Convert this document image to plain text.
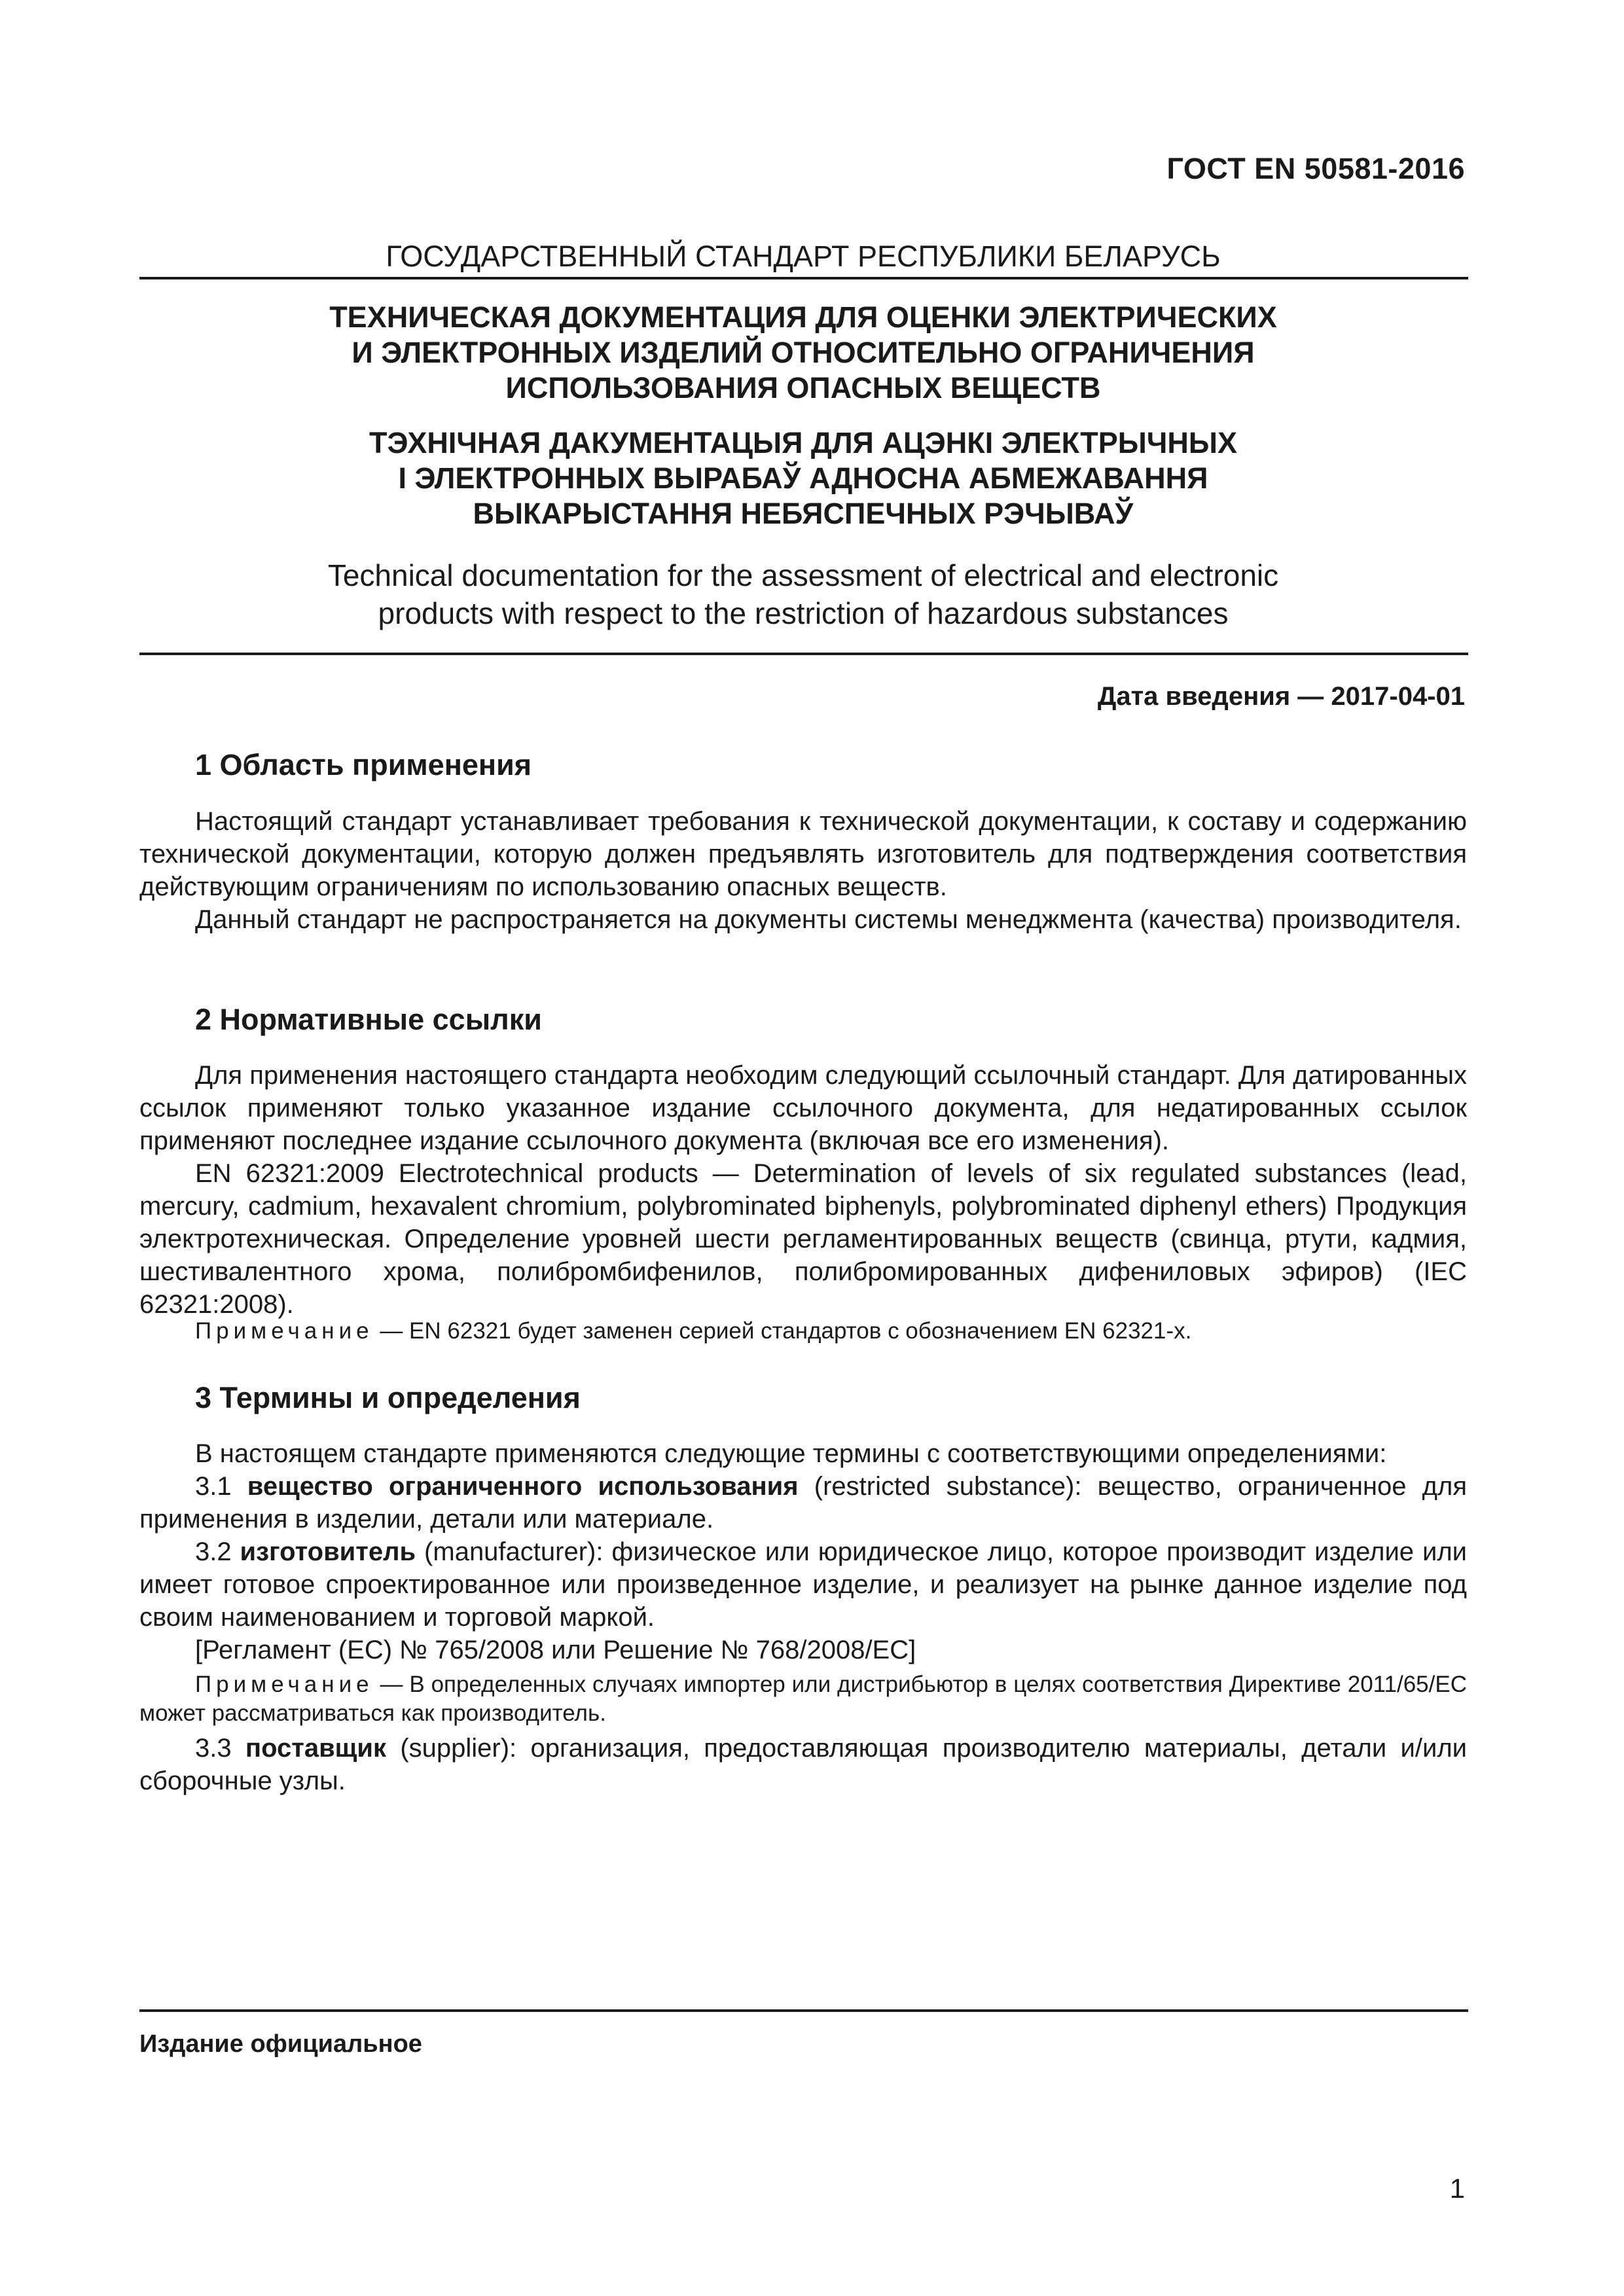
ГОСТ EN 50581-2016
ГОСУДАРСТВЕННЫЙ СТАНДАРТ РЕСПУБЛИКИ БЕЛАРУСЬ
ТЕХНИЧЕСКАЯ ДОКУМЕНТАЦИЯ ДЛЯ ОЦЕНКИ ЭЛЕКТРИЧЕСКИХ
И ЭЛЕКТРОННЫХ ИЗДЕЛИЙ ОТНОСИТЕЛЬНО ОГРАНИЧЕНИЯ
ИСПОЛЬЗОВАНИЯ ОПАСНЫХ ВЕЩЕСТВ
ТЭХНІЧНАЯ ДАКУМЕНТАЦЫЯ ДЛЯ АЦЭНКІ ЭЛЕКТРЫЧНЫХ
І ЭЛЕКТРОННЫХ ВЫРАБАЎ АДНОСНА АБМЕЖАВАННЯ
ВЫКАРЫСТАННЯ НЕБЯСПЕЧНЫХ РЭЧЫВАЎ
Technical documentation for the assessment of electrical and electronic
products with respect to the restriction of hazardous substances
Дата введения — 2017-04-01
1 Область применения
Настоящий стандарт устанавливает требования к технической документации, к составу и содержанию технической документации, которую должен предъявлять изготовитель для подтверждения соответствия действующим ограничениям по использованию опасных веществ.
Данный стандарт не распространяется на документы системы менеджмента (качества) производителя.
2 Нормативные ссылки
Для применения настоящего стандарта необходим следующий ссылочный стандарт. Для датированных ссылок применяют только указанное издание ссылочного документа, для недатированных ссылок применяют последнее издание ссылочного документа (включая все его изменения).
EN 62321:2009 Electrotechnical products — Determination of levels of six regulated substances (lead, mercury, cadmium, hexavalent chromium, polybrominated biphenyls, polybrominated diphenyl ethers) Продукция электротехническая. Определение уровней шести регламентированных веществ (свинца, ртути, кадмия, шестивалентного хрома, полибромбифенилов, полибромированных дифениловых эфиров) (IEC 62321:2008).
Примечание — EN 62321 будет заменен серией стандартов с обозначением EN 62321-x.
3 Термины и определения
В настоящем стандарте применяются следующие термины с соответствующими определениями:
3.1 вещество ограниченного использования (restricted substance): вещество, ограниченное для применения в изделии, детали или материале.
3.2 изготовитель (manufacturer): физическое или юридическое лицо, которое производит изделие или имеет готовое спроектированное или произведенное изделие, и реализует на рынке данное изделие под своим наименованием и торговой маркой.
[Регламент (ЕС) № 765/2008 или Решение № 768/2008/ЕС]
Примечание — В определенных случаях импортер или дистрибьютор в целях соответствия Директиве 2011/65/ЕС может рассматриваться как производитель.
3.3 поставщик (supplier): организация, предоставляющая производителю материалы, детали и/или сборочные узлы.
Издание официальное
1
